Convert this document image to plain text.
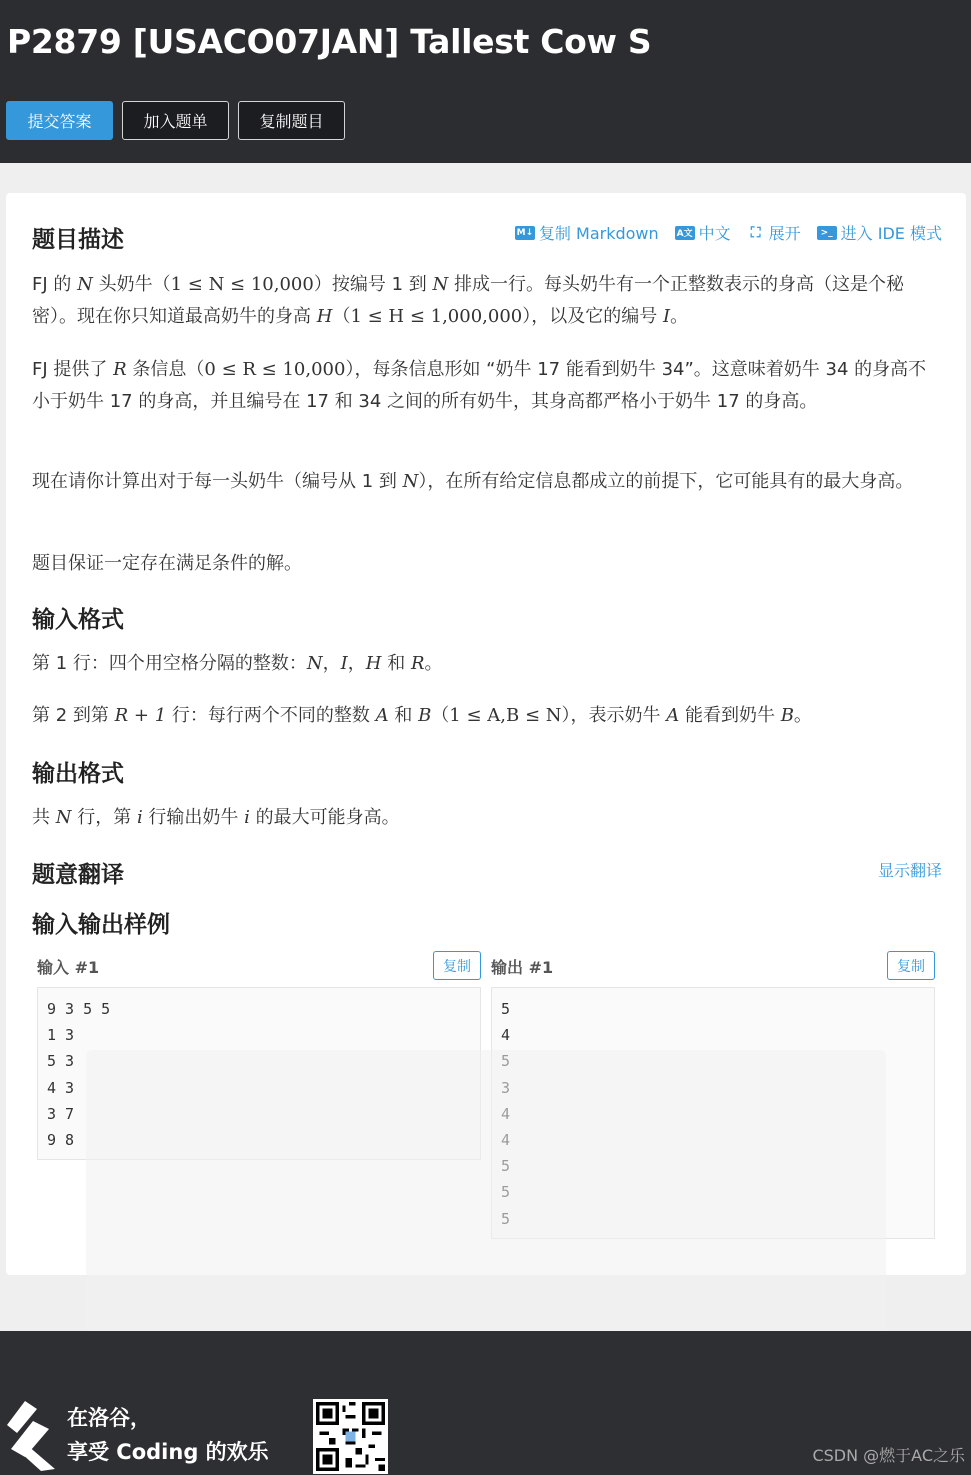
P2879 [USACO07JAN] Tallest Cow S
提交答案	加入题单	复制题目
题目描述	M↓ 复制 Markdown A文 中文 ⛶ 展开	>_ 进入 IDE 模式
FJ 的 N 头奶牛（1 ≤ N ≤ 10,000）按编号 1 到 N 排成一行。每头奶牛有一个正整数表示的身高（这是个秘密）。现在你只知道最高奶牛的身高 H（1 ≤ H ≤ 1,000,000），以及它的编号 I。
FJ 提供了 R 条信息（0 ≤ R ≤ 10,000），每条信息形如 “奶牛 17 能看到奶牛 34”。这意味着奶牛 34 的身高不小于奶牛 17 的身高，并且编号在 17 和 34 之间的所有奶牛，其身高都严格小于奶牛 17 的身高。
现在请你计算出对于每一头奶牛（编号从 1 到 N），在所有给定信息都成立的前提下，它可能具有的最大身高。
题目保证一定存在满足条件的解。
输入格式
第 1 行：四个用空格分隔的整数：N，I，H 和 R。
第 2 到第 R + 1 行：每行两个不同的整数 A 和 B（1 ≤ A,B ≤ N），表示奶牛 A 能看到奶牛 B。
输出格式
共 N 行，第 i 行输出奶牛 i 的最大可能身高。
题意翻译	显示翻译
输入输出样例
输入 #1	复制
9 3 5 5
1 3
5 3
4 3
3 7
9 8
输出 #1	复制
5
4
在洛谷，
享受 Coding 的欢乐	CSDN @燃于AC之乐
